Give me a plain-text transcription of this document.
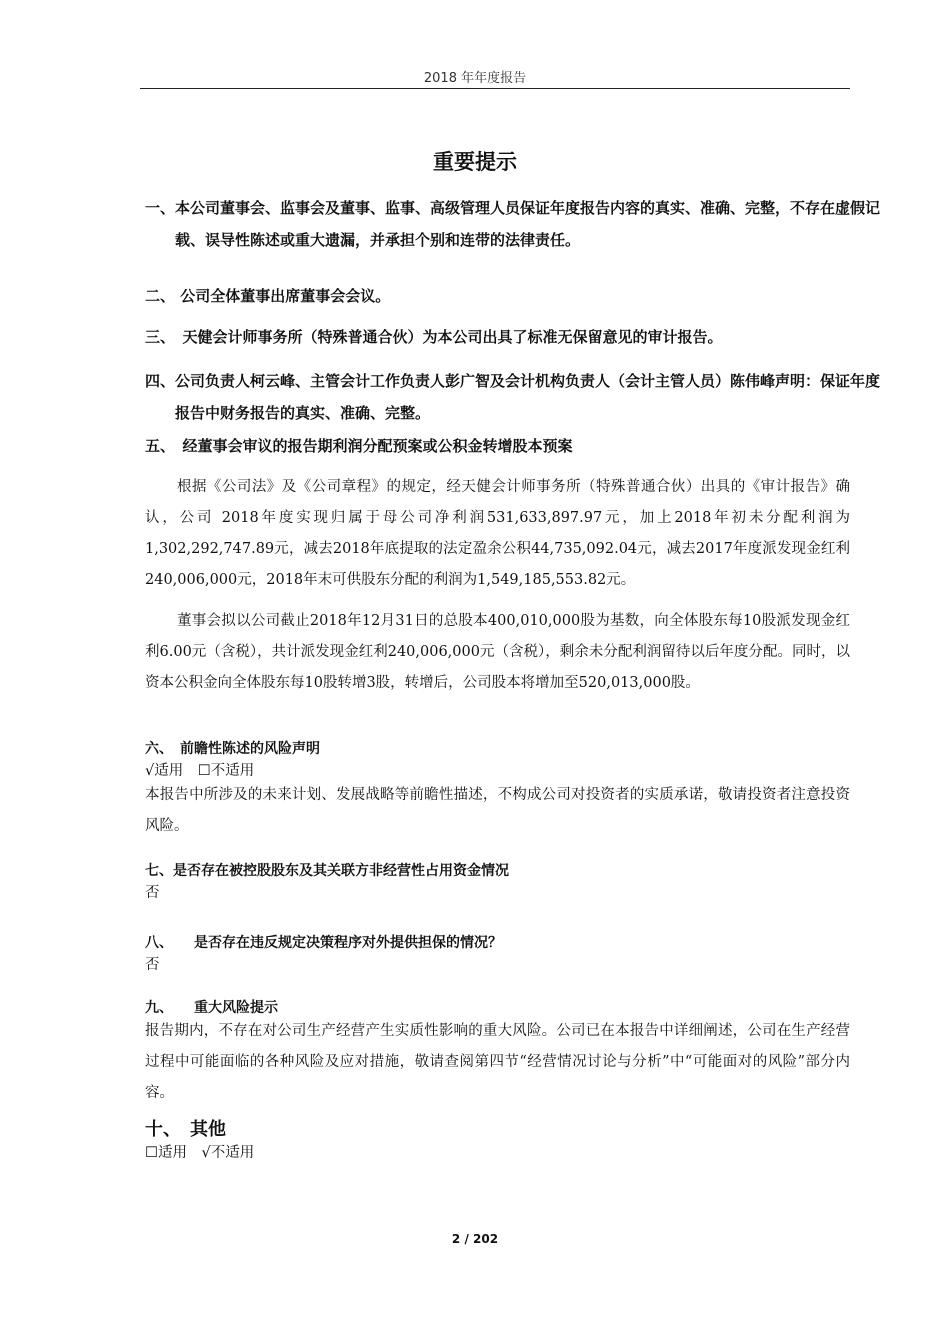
2018 年年度报告
重要提示
一、本公司董事会、监事会及董事、监事、高级管理人员保证年度报告内容的真实、准确、完整，不存在虚假记载、误导性陈述或重大遗漏，并承担个别和连带的法律责任。
二、 公司全体董事出席董事会会议。
三、　天健会计师事务所（特殊普通合伙）为本公司出具了标准无保留意见的审计报告。
四、公司负责人柯云峰、主管会计工作负责人彭广智及会计机构负责人（会计主管人员）陈伟峰声明：保证年度报告中财务报告的真实、准确、完整。
五、　经董事会审议的报告期利润分配预案或公积金转增股本预案
根据《公司法》及《公司章程》的规定，经天健会计师事务所（特殊普通合伙）出具的《审计报告》确认，公司 2018年度实现归属于母公司净利润531,633,897.97元，加上2018年初未分配利润为1,302,292,747.89元，减去2018年底提取的法定盈余公积44,735,092.04元，减去2017年度派发现金红利240,006,000元，2018年末可供股东分配的利润为1,549,185,553.82元。
董事会拟以公司截止2018年12月31日的总股本400,010,000股为基数，向全体股东每10股派发现金红利6.00元（含税），共计派发现金红利240,006,000元（含税），剩余未分配利润留待以后年度分配。同时，以资本公积金向全体股东每10股转增3股，转增后，公司股本将增加至520,013,000股。
六、　前瞻性陈述的风险声明
√适用　☐不适用
本报告中所涉及的未来计划、发展战略等前瞻性描述，不构成公司对投资者的实质承诺，敬请投资者注意投资风险。
七、是否存在被控股股东及其关联方非经营性占用资金情况
否
八、　　是否存在违反规定决策程序对外提供担保的情况？
否
九、　　重大风险提示
报告期内，不存在对公司生产经营产生实质性影响的重大风险。公司已在本报告中详细阐述，公司在生产经营过程中可能面临的各种风险及应对措施，敬请查阅第四节“经营情况讨论与分析”中“可能面对的风险”部分内容。
十、　其他
☐适用　√不适用
2 / 202
